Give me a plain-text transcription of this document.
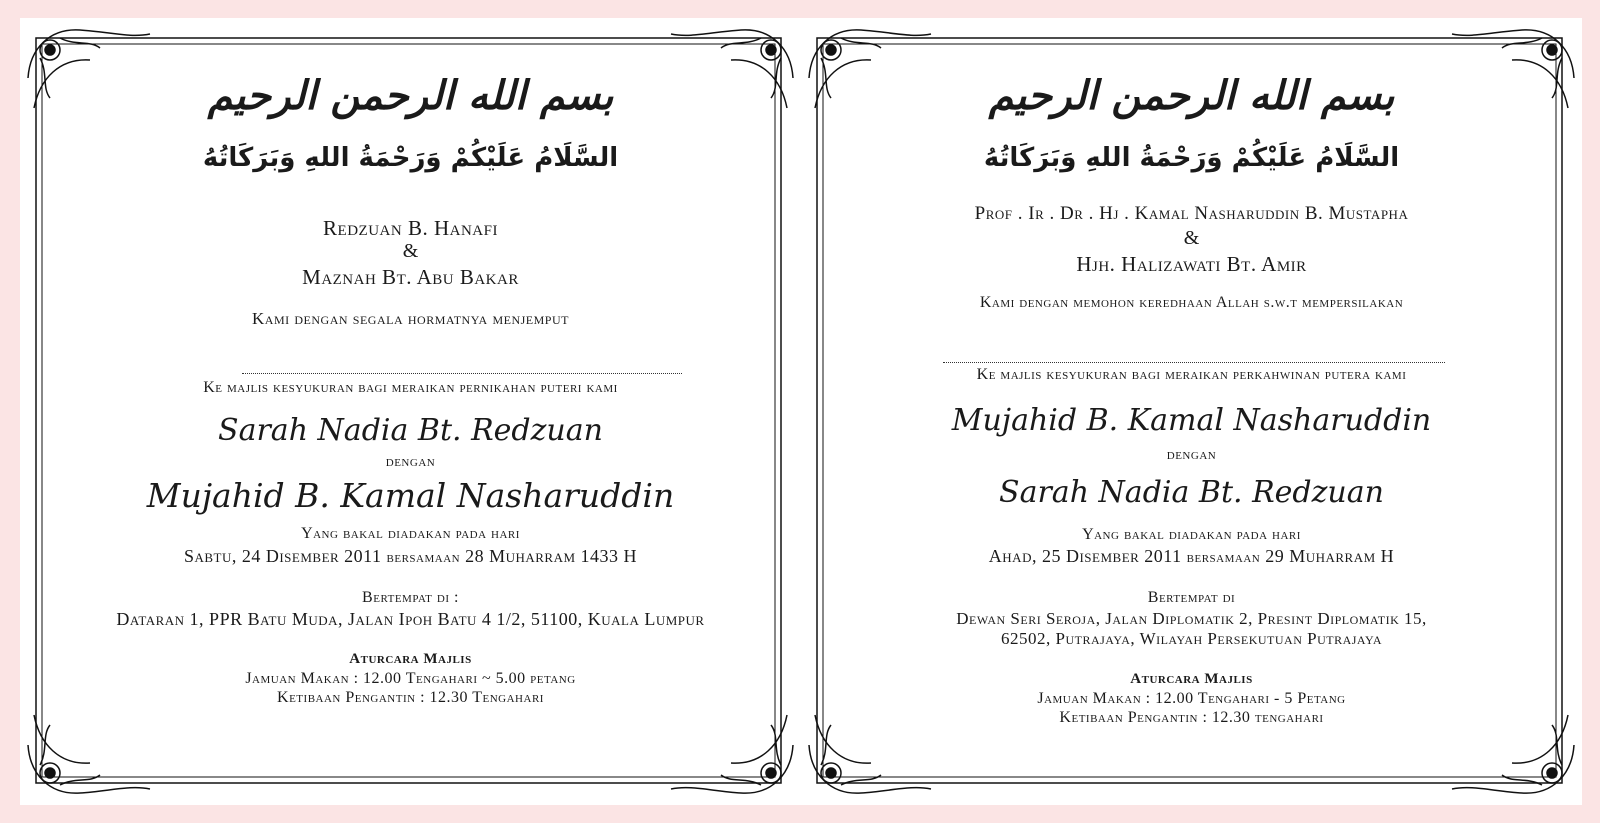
بسم الله الرحمن الرحيم
السَّلَامُ عَلَيْكُمْ وَرَحْمَةُ اللهِ وَبَرَكَاتُهُ
Redzuan B. Hanafi
&
Maznah Bt. Abu Bakar
Kami dengan segala hormatnya menjemput
Ke majlis kesyukuran bagi meraikan pernikahan puteri kami
Sarah Nadia Bt. Redzuan
dengan
Mujahid B. Kamal Nasharuddin
Yang bakal diadakan pada hari
Sabtu, 24 Disember 2011 bersamaan 28 Muharram 1433 H
Bertempat di :
Dataran 1, PPR Batu Muda, Jalan Ipoh Batu 4 1/2, 51100, Kuala Lumpur
Aturcara Majlis
Jamuan Makan : 12.00 Tengahari ~ 5.00 petang
Ketibaan Pengantin : 12.30 Tengahari
بسم الله الرحمن الرحيم
السَّلَامُ عَلَيْكُمْ وَرَحْمَةُ اللهِ وَبَرَكَاتُهُ
Prof . Ir . Dr . Hj . Kamal Nasharuddin B. Mustapha
&
Hjh. Halizawati Bt. Amir
Kami dengan memohon keredhaan Allah s.w.t mempersilakan
Ke majlis kesyukuran bagi meraikan perkahwinan putera kami
Mujahid B. Kamal Nasharuddin
dengan
Sarah Nadia Bt. Redzuan
Yang bakal diadakan pada hari
Ahad, 25 Disember 2011 bersamaan 29 Muharram H
Bertempat di
Dewan Seri Seroja, Jalan Diplomatik 2, Presint Diplomatik 15,
62502, Putrajaya, Wilayah Persekutuan Putrajaya
Aturcara Majlis
Jamuan Makan : 12.00 Tengahari - 5 Petang
Ketibaan Pengantin : 12.30 tengahari
